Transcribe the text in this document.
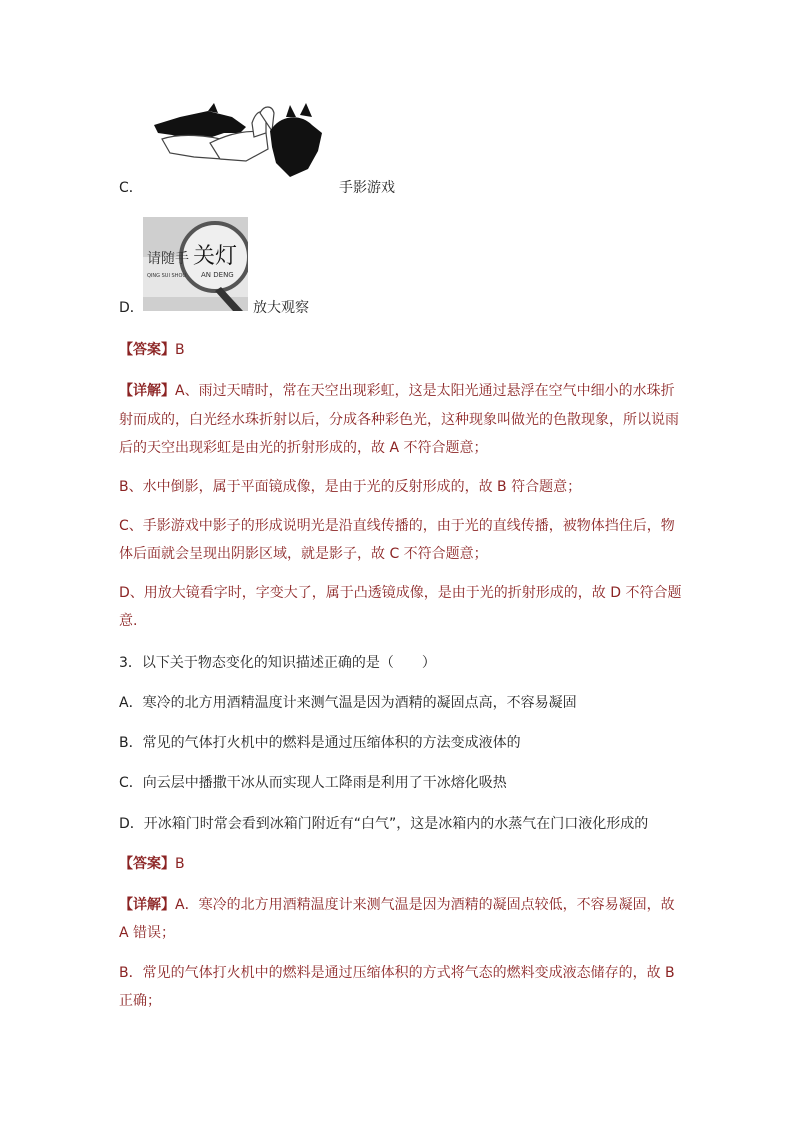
C．	手影游戏
请随手 关灯
QING SUI SHOU AN DENG
D．	放大观察
【答案】B
【详解】A、雨过天晴时，常在天空出现彩虹，这是太阳光通过悬浮在空气中细小的水珠折
射而成的，白光经水珠折射以后，分成各种彩色光，这种现象叫做光的色散现象，所以说雨
后的天空出现彩虹是由光的折射形成的，故 A 不符合题意；
B、水中倒影，属于平面镜成像，是由于光的反射形成的，故 B 符合题意；
C、手影游戏中影子的形成说明光是沿直线传播的，由于光的直线传播，被物体挡住后，物
体后面就会呈现出阴影区域，就是影子，故 C 不符合题意；
D、用放大镜看字时，字变大了，属于凸透镜成像，是由于光的折射形成的，故 D 不符合题
意.
3．以下关于物态变化的知识描述正确的是（　　）
A．寒冷的北方用酒精温度计来测气温是因为酒精的凝固点高，不容易凝固
B．常见的气体打火机中的燃料是通过压缩体积的方法变成液体的
C．向云层中播撒干冰从而实现人工降雨是利用了干冰熔化吸热
D．开冰箱门时常会看到冰箱门附近有“白气”，这是冰箱内的水蒸气在门口液化形成的
【答案】B
【详解】A．寒冷的北方用酒精温度计来测气温是因为酒精的凝固点较低，不容易凝固，故
A 错误；
B．常见的气体打火机中的燃料是通过压缩体积的方式将气态的燃料变成液态储存的，故 B
正确；
